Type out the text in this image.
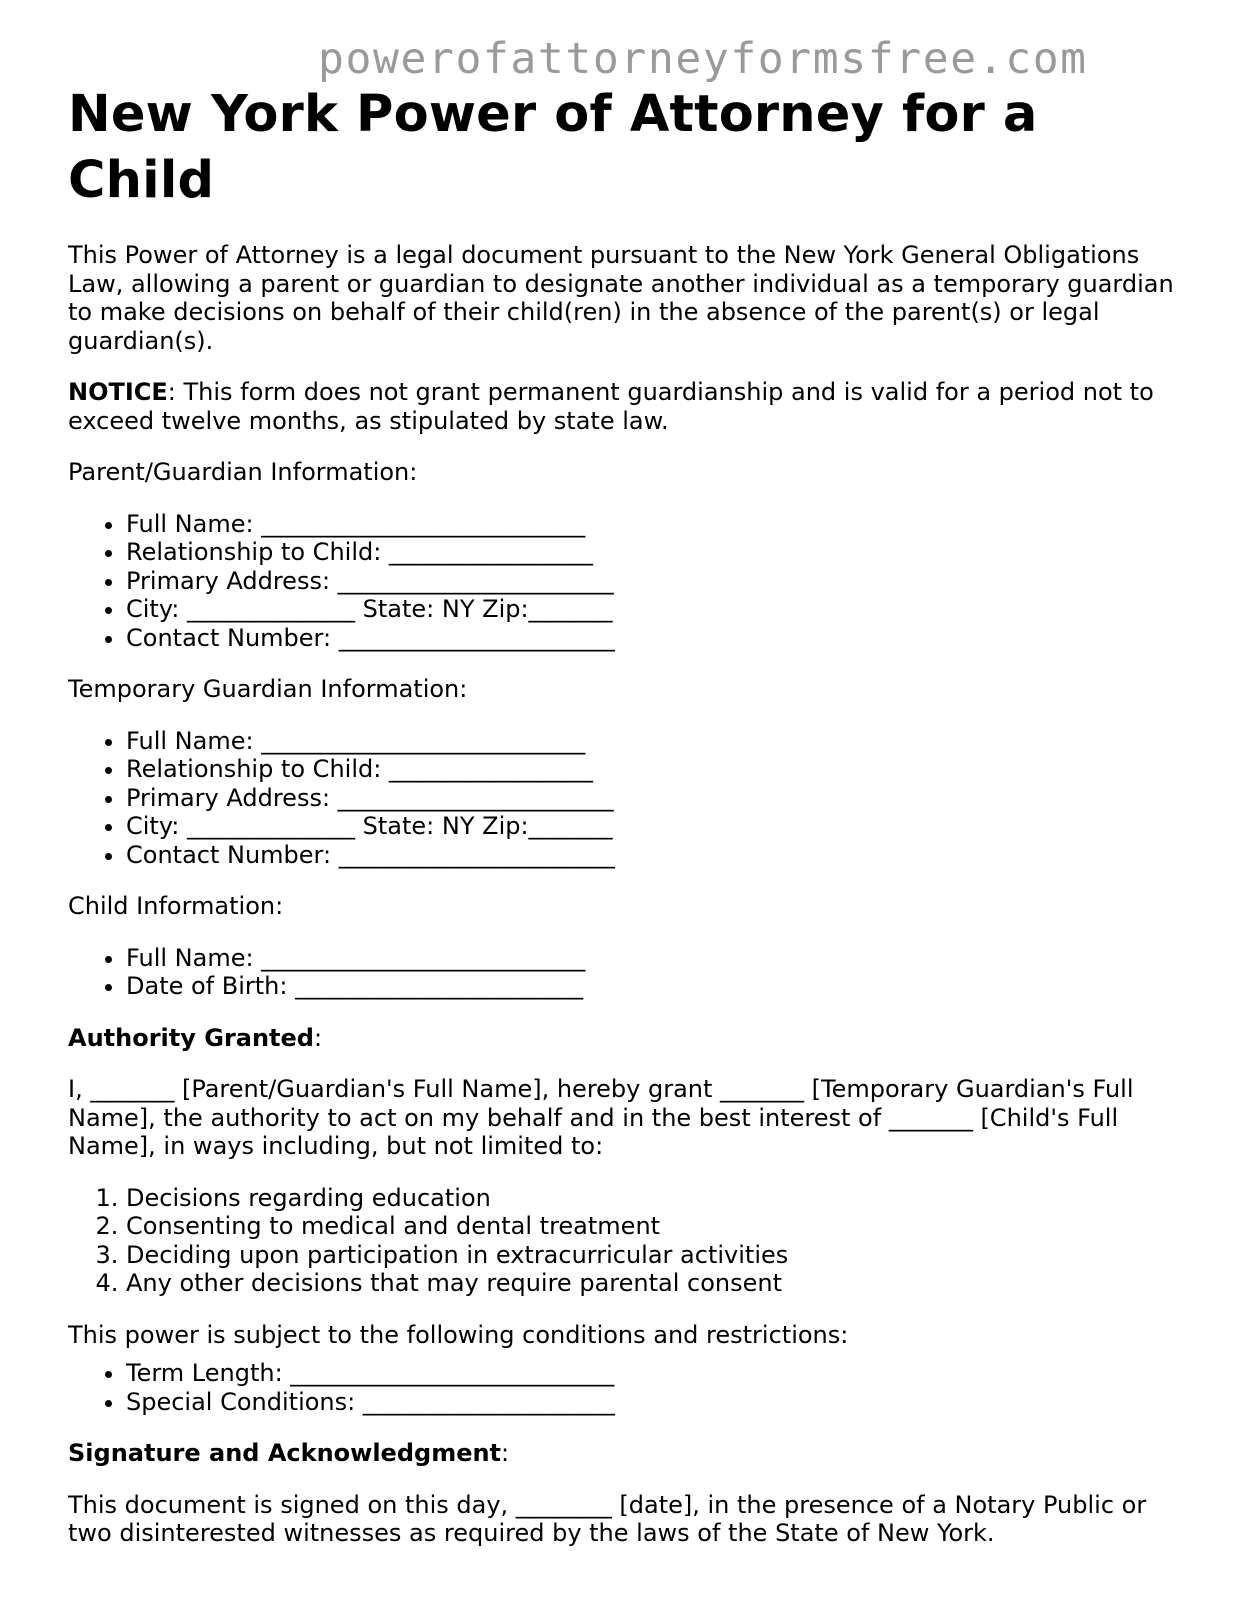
powerofattorneyformsfree.com
New York Power of Attorney for a Child

This Power of Attorney is a legal document pursuant to the New York General Obligations Law, allowing a parent or guardian to designate another individual as a temporary guardian to make decisions on behalf of their child(ren) in the absence of the parent(s) or legal guardian(s).

NOTICE: This form does not grant permanent guardianship and is valid for a period not to exceed twelve months, as stipulated by state law.

Parent/Guardian Information:

• Full Name: ___________________________
• Relationship to Child: _________________
• Primary Address: _______________________
• City: ______________ State: NY Zip:_______
• Contact Number: _______________________

Temporary Guardian Information:

• Full Name: ___________________________
• Relationship to Child: _________________
• Primary Address: _______________________
• City: ______________ State: NY Zip:_______
• Contact Number: _______________________

Child Information:

• Full Name: ___________________________
• Date of Birth: ________________________

Authority Granted:

I, _______ [Parent/Guardian's Full Name], hereby grant _______ [Temporary Guardian's Full Name], the authority to act on my behalf and in the best interest of _______ [Child's Full Name], in ways including, but not limited to:

1. Decisions regarding education
2. Consenting to medical and dental treatment
3. Deciding upon participation in extracurricular activities
4. Any other decisions that may require parental consent

This power is subject to the following conditions and restrictions:

• Term Length: ___________________________
• Special Conditions: _____________________

Signature and Acknowledgment:

This document is signed on this day, ________ [date], in the presence of a Notary Public or two disinterested witnesses as required by the laws of the State of New York.
